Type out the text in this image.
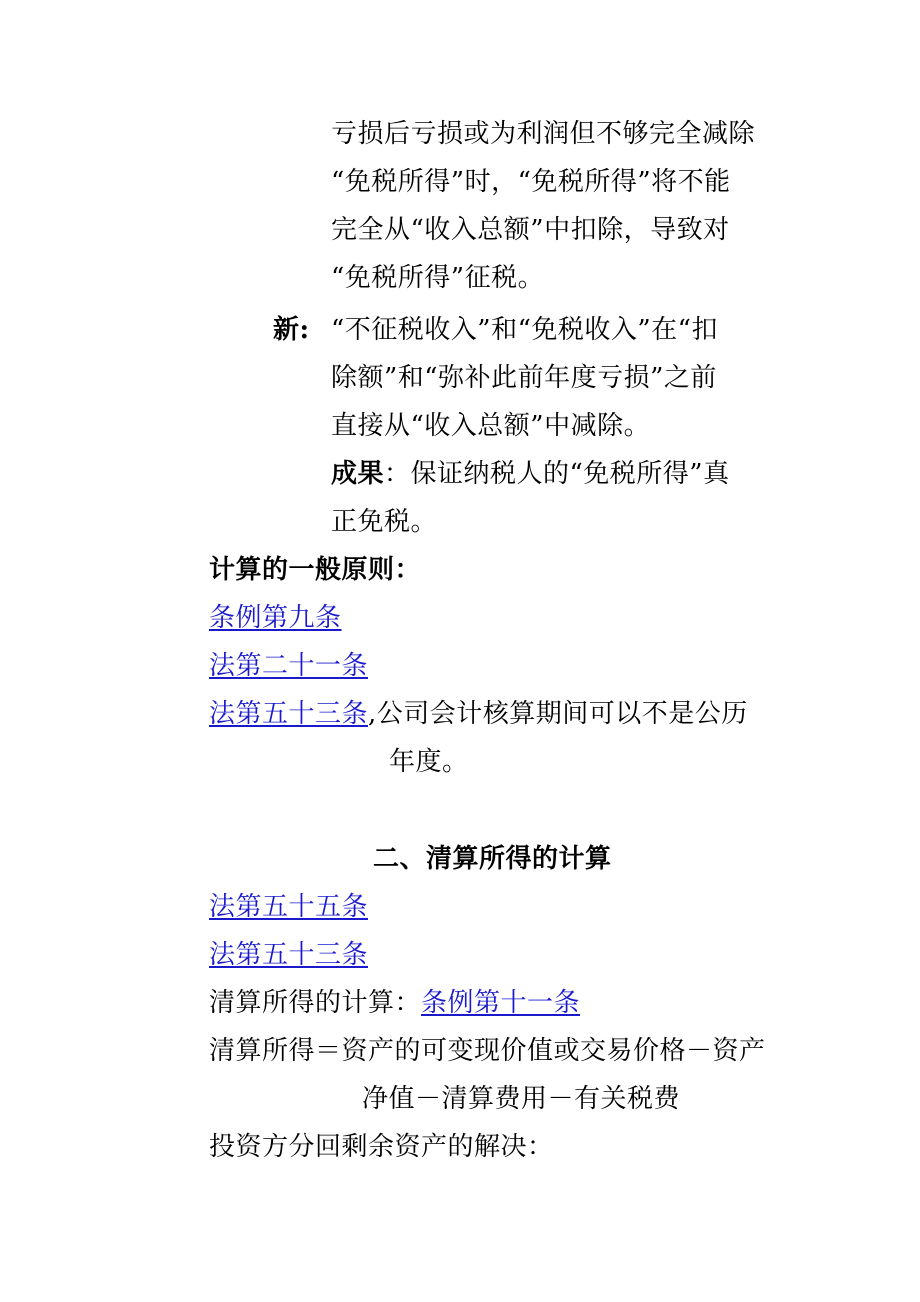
亏损后亏损或为利润但不够完全减除
“免税所得”时，“免税所得”将不能
完全从“收入总额”中扣除，导致对
“免税所得”征税。
新: “不征税收入”和“免税收入”在“扣
除额”和“弥补此前年度亏损”之前
直接从“收入总额”中减除。
成果：保证纳税人的“免税所得”真
正免税。
计算的一般原则：
条例第九条
法第二十一条
法第五十三条,公司会计核算期间可以不是公历
年度。
二、清算所得的计算
法第五十五条
法第五十三条
清算所得的计算：条例第十一条
清算所得＝资产的可变现价值或交易价格－资产
净值－清算费用－有关税费
投资方分回剩余资产的解决：
